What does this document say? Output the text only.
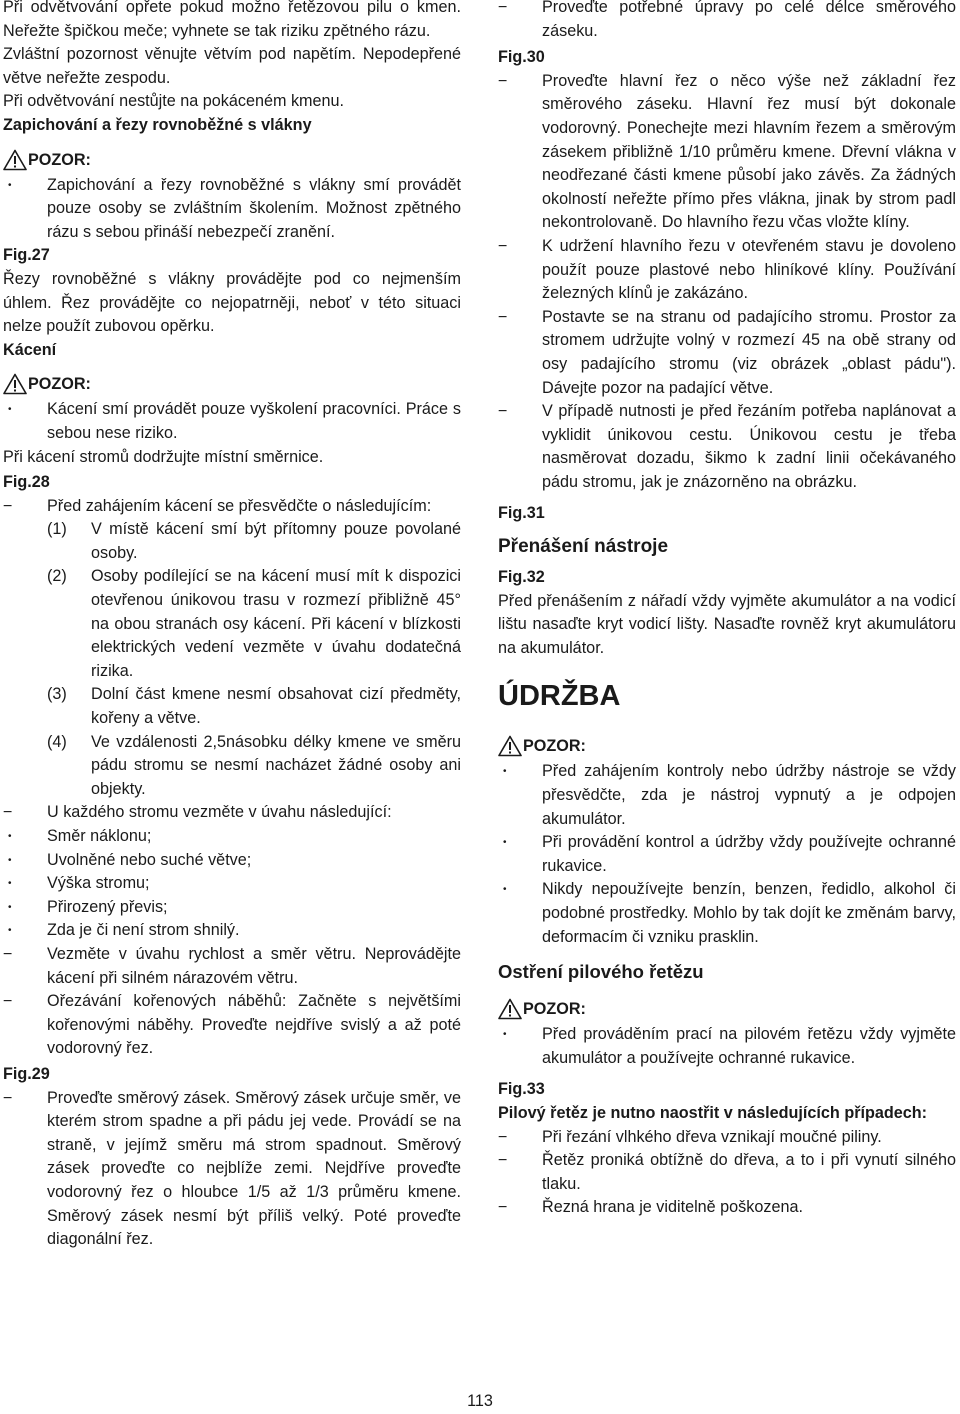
Při odvětvování opřete pokud možno řetězovou pilu o kmen. Neřežte špičkou meče; vyhnete se tak riziku zpětného rázu.

Zvláštní pozornost věnujte větvím pod napětím. Nepodepřené větve neřežte zespodu.

Při odvětvování nestůjte na pokáceném kmenu.

Zapichování a řezy rovnoběžné s vlákny

POZOR:
•	Zapichování a řezy rovnoběžné s vlákny smí provádět pouze osoby se zvláštním školením. Možnost zpětného rázu s sebou přináší nebezpečí zranění.

Fig.27

Řezy rovnoběžné s vlákny provádějte pod co nejmenším úhlem. Řez provádějte co nejopatrněji, neboť v této situaci nelze použít zubovou opěrku.

Kácení

POZOR:
•	Kácení smí provádět pouze vyškolení pracovníci. Práce s sebou nese riziko.

Při kácení stromů dodržujte místní směrnice.

Fig.28

−	Před zahájením kácení se přesvědčte o následujícím:
(1) V místě kácení smí být přítomny pouze povolané osoby.
(2) Osoby podílející se na kácení musí mít k dispozici otevřenou únikovou trasu v rozmezí přibližně 45° na obou stranách osy kácení. Při kácení v blízkosti elektrických vedení vezměte v úvahu dodatečná rizika.
(3) Dolní část kmene nesmí obsahovat cizí předměty, kořeny a větve.
(4) Ve vzdálenosti 2,5násobku délky kmene ve směru pádu stromu se nesmí nacházet žádné osoby ani objekty.
−	U každého stromu vezměte v úvahu následující:
•	Směr náklonu;
•	Uvolněné nebo suché větve;
•	Výška stromu;
•	Přirozený převis;
•	Zda je či není strom shnilý.
−	Vezměte v úvahu rychlost a směr větru. Neprovádějte kácení při silném nárazovém větru.
−	Ořezávání kořenových náběhů: Začněte s největšími kořenovými náběhy. Proveďte nejdříve svislý a až poté vodorovný řez.

Fig.29

−	Proveďte směrový zásek. Směrový zásek určuje směr, ve kterém strom spadne a při pádu jej vede. Provádí se na straně, v jejímž směru má strom spadnout. Směrový zásek proveďte co nejblíže zemi. Nejdříve proveďte vodorovný řez o hloubce 1/5 až 1/3 průměru kmene. Směrový zásek nesmí být příliš velký. Poté proveďte diagonální řez.
−	Proveďte potřebné úpravy po celé délce směrového záseku.

Fig.30

−	Proveďte hlavní řez o něco výše než základní řez směrového záseku. Hlavní řez musí být dokonale vodorovný. Ponechejte mezi hlavním řezem a směrovým zásekem přibližně 1/10 průměru kmene. Dřevní vlákna v neodřezané části kmene působí jako závěs. Za žádných okolností neřežte přímo přes vlákna, jinak by strom padl nekontrolovaně. Do hlavního řezu včas vložte klíny.
−	K udržení hlavního řezu v otevřeném stavu je dovoleno použít pouze plastové nebo hliníkové klíny. Používání železných klínů je zakázáno.
−	Postavte se na stranu od padajícího stromu. Prostor za stromem udržujte volný v rozmezí 45 na obě strany od osy padajícího stromu (viz obrázek „oblast pádu"). Dávejte pozor na padající větve.
−	V případě nutnosti je před řezáním potřeba naplánovat a vyklidit únikovou cestu. Únikovou cestu je třeba nasměrovat dozadu, šikmo k zadní linii očekávaného pádu stromu, jak je znázorněno na obrázku.

Fig.31

Přenášení nástroje

Fig.32

Před přenášením z nářadí vždy vyjměte akumulátor a na vodicí lištu nasaďte kryt vodicí lišty. Nasaďte rovněž kryt akumulátoru na akumulátor.

ÚDRŽBA

POZOR:
•	Před zahájením kontroly nebo údržby nástroje se vždy přesvědčte, zda je nástroj vypnutý a je odpojen akumulátor.
•	Při provádění kontrol a údržby vždy používejte ochranné rukavice.
•	Nikdy nepoužívejte benzín, benzen, ředidlo, alkohol či podobné prostředky. Mohlo by tak dojít ke změnám barvy, deformacím či vzniku prasklin.

Ostření pilového řetězu

POZOR:
•	Před prováděním prací na pilovém řetězu vždy vyjměte akumulátor a používejte ochranné rukavice.

Fig.33

Pilový řetěz je nutno naostřit v následujících případech:

−	Při řezání vlhkého dřeva vznikají moučné piliny.
−	Řetěz proniká obtížně do dřeva, a to i při vynutí silného tlaku.
−	Řezná hrana je viditelně poškozena.
113
